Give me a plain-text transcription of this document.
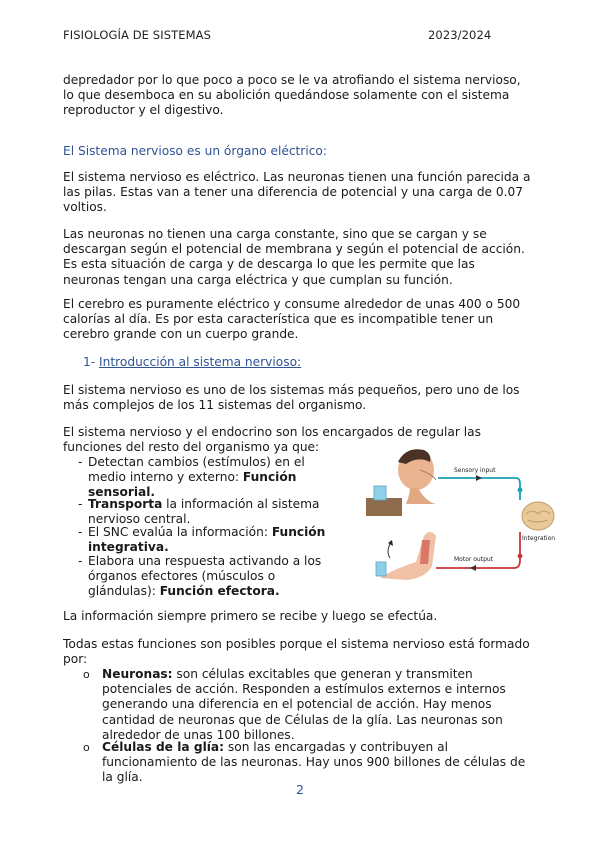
FISIOLOGÍA DE SISTEMAS	2023/2024
depredador por lo que poco a poco se le va atrofiando el sistema nervioso,
lo que desemboca en su abolición quedándose solamente con el sistema
reproductor y el digestivo.
El Sistema nervioso es un órgano eléctrico:
El sistema nervioso es eléctrico. Las neuronas tienen una función parecida a
las pilas. Estas van a tener una diferencia de potencial y una carga de 0.07
voltios.
Las neuronas no tienen una carga constante, sino que se cargan y se
descargan según el potencial de membrana y según el potencial de acción.
Es esta situación de carga y de descarga lo que les permite que las
neuronas tengan una carga eléctrica y que cumplan su función.
El cerebro es puramente eléctrico y consume alrededor de unas 400 o 500
calorías al día. Es por esta característica que es incompatible tener un
cerebro grande con un cuerpo grande.
1- Introducción al sistema nervioso:
El sistema nervioso es uno de los sistemas más pequeños, pero uno de los
más complejos de los 11 sistemas del organismo.
El sistema nervioso y el endocrino son los encargados de regular las
funciones del resto del organismo ya que:
- Detectan cambios (estímulos) en el
medio interno y externo: Función
sensorial.
- Transporta la información al sistema
nervioso central.
- El SNC evalúa la información: Función
integrativa.
- Elabora una respuesta activando a los
órganos efectores (músculos o
glándulas): Función efectora.
Sensory input
Integration
Motor output
La información siempre primero se recibe y luego se efectúa.
Todas estas funciones son posibles porque el sistema nervioso está formado
por:
o Neuronas: son células excitables que generan y transmiten
potenciales de acción. Responden a estímulos externos e internos
generando una diferencia en el potencial de acción. Hay menos
cantidad de neuronas que de Células de la glía. Las neuronas son
alrededor de unas 100 billones.
o Células de la glía: son las encargadas y contribuyen al
funcionamiento de las neuronas. Hay unos 900 billones de células de
la glía.
2
